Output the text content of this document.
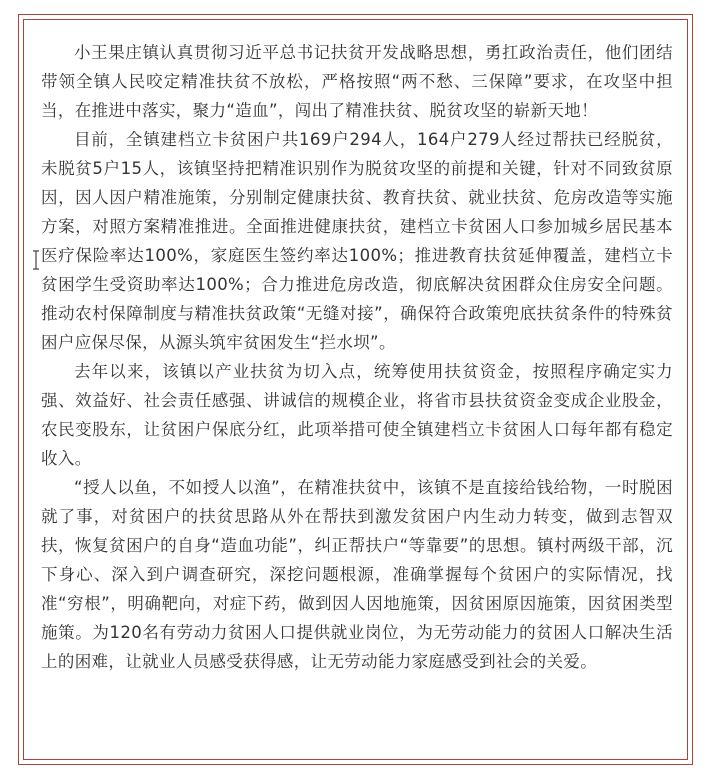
小王果庄镇认真贯彻习近平总书记扶贫开发战略思想，勇扛政治责任，他们团结带领全镇人民咬定精准扶贫不放松，严格按照“两不愁、三保障”要求，在攻坚中担当，在推进中落实，聚力“造血”，闯出了精准扶贫、脱贫攻坚的崭新天地！

目前，全镇建档立卡贫困户共169户294人，164户279人经过帮扶已经脱贫，未脱贫5户15人，该镇坚持把精准识别作为脱贫攻坚的前提和关键，针对不同致贫原因，因人因户精准施策，分别制定健康扶贫、教育扶贫、就业扶贫、危房改造等实施方案，对照方案精准推进。全面推进健康扶贫，建档立卡贫困人口参加城乡居民基本医疗保险率达100%，家庭医生签约率达100%；推进教育扶贫延伸覆盖，建档立卡贫困学生受资助率达100%；合力推进危房改造，彻底解决贫困群众住房安全问题。推动农村保障制度与精准扶贫政策“无缝对接”，确保符合政策兜底扶贫条件的特殊贫困户应保尽保，从源头筑牢贫困发生“拦水坝”。

去年以来，该镇以产业扶贫为切入点，统筹使用扶贫资金，按照程序确定实力强、效益好、社会责任感强、讲诚信的规模企业，将省市县扶贫资金变成企业股金，农民变股东，让贫困户保底分红，此项举措可使全镇建档立卡贫困人口每年都有稳定收入。

“授人以鱼，不如授人以渔”，在精准扶贫中，该镇不是直接给钱给物，一时脱困就了事，对贫困户的扶贫思路从外在帮扶到激发贫困户内生动力转变，做到志智双扶，恢复贫困户的自身“造血功能”，纠正帮扶户“等靠要”的思想。镇村两级干部，沉下身心、深入到户调查研究，深挖问题根源，准确掌握每个贫困户的实际情况，找准“穷根”，明确靶向，对症下药，做到因人因地施策，因贫困原因施策，因贫困类型施策。为120名有劳动力贫困人口提供就业岗位，为无劳动能力的贫困人口解决生活上的困难，让就业人员感受获得感，让无劳动能力家庭感受到社会的关爱。
